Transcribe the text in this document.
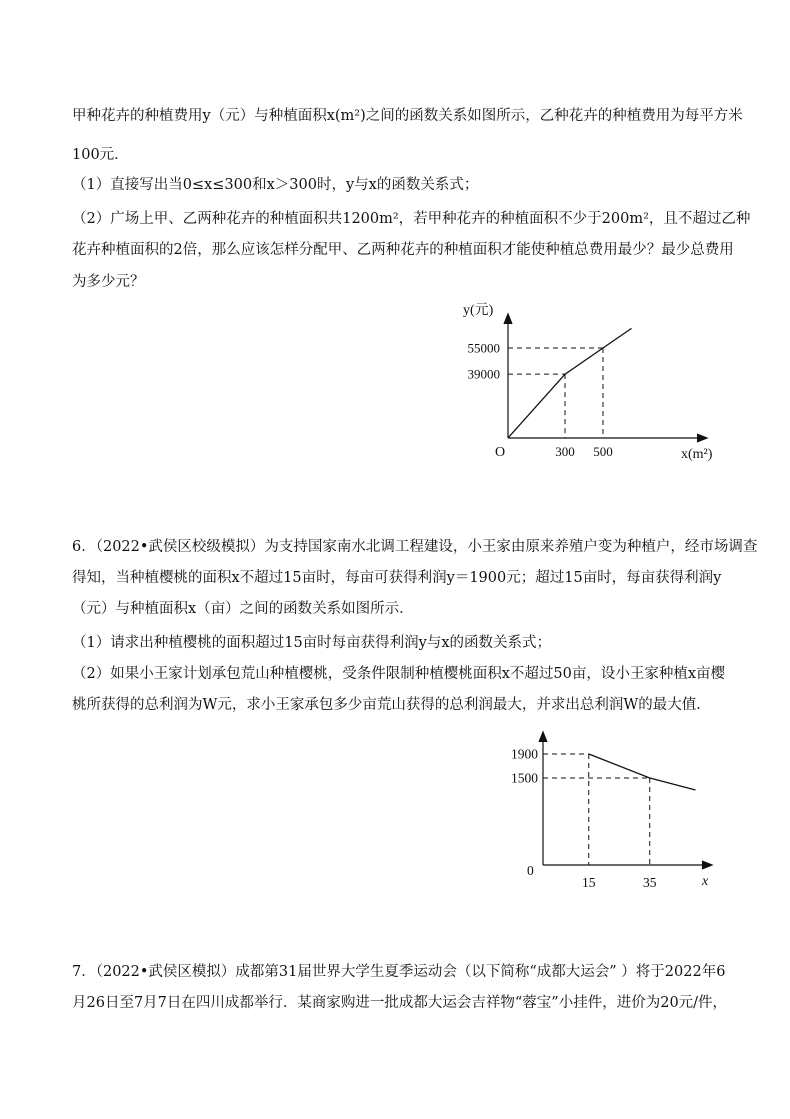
甲种花卉的种植费用y（元）与种植面积x(m²)之间的函数关系如图所示，乙种花卉的种植费用为每平方米
100元．
（1）直接写出当0≤x≤300和x＞300时，y与x的函数关系式；
（2）广场上甲、乙两种花卉的种植面积共1200m²，若甲种花卉的种植面积不少于200m²，且不超过乙种
花卉种植面积的2倍，那么应该怎样分配甲、乙两种花卉的种植面积才能使种植总费用最少？最少总费用
为多少元？
y(元)
55000
39000
300 500
O	x(m²)
6．（2022•武侯区校级模拟）为支持国家南水北调工程建设，小王家由原来养殖户变为种植户，经市场调查
得知，当种植樱桃的面积x不超过15亩时，每亩可获得利润y＝1900元；超过15亩时，每亩获得利润y
（元）与种植面积x（亩）之间的函数关系如图所示．
（1）请求出种植樱桃的面积超过15亩时每亩获得利润y与x的函数关系式；
（2）如果小王家计划承包荒山种植樱桃，受条件限制种植樱桃面积x不超过50亩，设小王家种植x亩樱
桃所获得的总利润为W元，求小王家承包多少亩荒山获得的总利润最大，并求出总利润W的最大值．
1900
1500
0
15	35	x
7．（2022•武侯区模拟）成都第31届世界大学生夏季运动会（以下简称“成都大运会” ）将于2022年6
月26日至7月7日在四川成都举行．某商家购进一批成都大运会吉祥物“蓉宝”小挂件，进价为20元/件，
